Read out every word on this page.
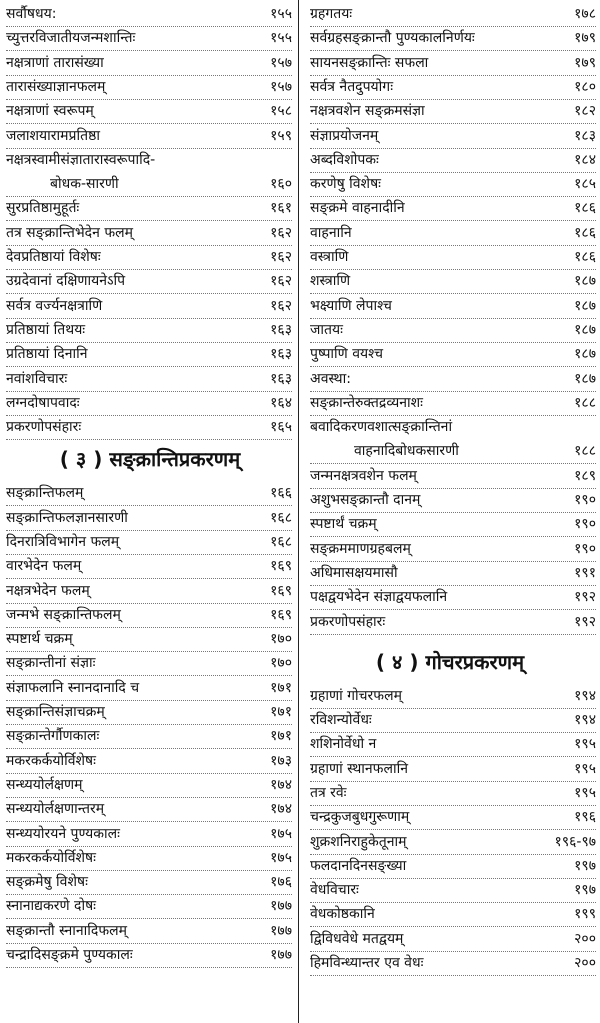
सर्वौषधय:	१५५
च्युत्तरविजातीयजन्मशान्तिः	१५५
नक्षत्राणां तारासंख्या	१५७
तारासंख्याज्ञानफलम्	१५७
नक्षत्राणां स्वरूपम्	१५८
जलाशयारामप्रतिष्ठा	१५९
नक्षत्रस्वामीसंज्ञातारास्वरूपादि-
बोधक-सारणी	१६०
सुरप्रतिष्ठामुहूर्तः	१६१
तत्र सङ्क्रान्तिभेदेन फलम्	१६२
देवप्रतिष्ठायां विशेषः	१६२
उग्रदेवानां दक्षिणायनेऽपि	१६२
सर्वत्र वर्ज्यनक्षत्राणि	१६२
प्रतिष्ठायां तिथयः	१६३
प्रतिष्ठायां दिनानि	१६३
नवांशविचारः	१६३
लग्नदोषापवादः	१६४
प्रकरणोपसंहारः	१६५
( ३ ) सङ्क्रान्तिप्रकरणम्
सङ्क्रान्तिफलम्	१६६
सङ्क्रान्तिफलज्ञानसारणी	१६८
दिनरात्रिविभागेन फलम्	१६८
वारभेदेन फलम्	१६९
नक्षत्रभेदेन फलम्	१६९
जन्मभे सङ्क्रान्तिफलम्	१६९
स्पष्टार्थ चक्रम्	१७०
सङ्क्रान्तीनां संज्ञाः	१७०
संज्ञाफलानि स्नानदानादि च	१७१
सङ्क्रान्तिसंज्ञाचक्रम्	१७१
सङ्क्रान्तेर्गौणकालः	१७१
मकरकर्कयोर्विशेषः	१७३
सन्ध्ययोर्लक्षणम्	१७४
सन्ध्ययोर्लक्षणान्तरम्	१७४
सन्ध्ययोरयने पुण्यकालः	१७५
मकरकर्कयोर्विशेषः	१७५
सङ्क्रमेषु विशेषः	१७६
स्नानाद्यकरणे दोषः	१७७
सङ्क्रान्तौ स्नानादिफलम्	१७७
चन्द्रादिसङ्क्रमे पुण्यकालः	१७७
ग्रहगतयः	१७८
सर्वग्रहसङ्क्रान्तौ पुण्यकालनिर्णयः	१७९
सायनसङ्क्रान्तिः सफला	१७९
सर्वत्र नैतदुपयोगः	१८०
नक्षत्रवशेन सङ्क्रमसंज्ञा	१८२
संज्ञाप्रयोजनम्	१८३
अब्दविशोपकः	१८४
करणेषु विशेषः	१८५
सङ्क्रमे वाहनादीनि	१८६
वाहनानि	१८६
वस्त्राणि	१८६
शस्त्राणि	१८७
भक्ष्याणि लेपाश्च	१८७
जातयः	१८७
पुष्पाणि वयश्च	१८७
अवस्था:	१८७
सङ्क्रान्तेरुक्तद्रव्यनाशः	१८८
बवादिकरणवशात्सङ्क्रान्तिनां
वाहनादिबोधकसारणी	१८८
जन्मनक्षत्रवशेन फलम्	१८९
अशुभसङ्क्रान्तौ दानम्	१९०
स्पष्टार्थं चक्रम्	१९०
सङ्क्रममाणग्रहबलम्	१९०
अधिमासक्षयमासौ	१९१
पक्षद्वयभेदेन संज्ञाद्वयफलानि	१९२
प्रकरणोपसंहारः	१९२
( ४ ) गोचरप्रकरणम्
ग्रहाणां गोचरफलम्	१९४
रविशन्योर्वेधः	१९४
शशिनोर्वेधो न	१९५
ग्रहाणां स्थानफलानि	१९५
तत्र रवेः	१९५
चन्द्रकुजबुधगुरूणाम्	१९६
शुक्रशनिराहुकेतूनाम्	१९६-९७
फलदानदिनसङ्ख्या	१९७
वेधविचारः	१९७
वेधकोष्ठकानि	१९९
द्विविधवेधे मतद्वयम्	२००
हिमविन्ध्यान्तर एव वेधः	२००
